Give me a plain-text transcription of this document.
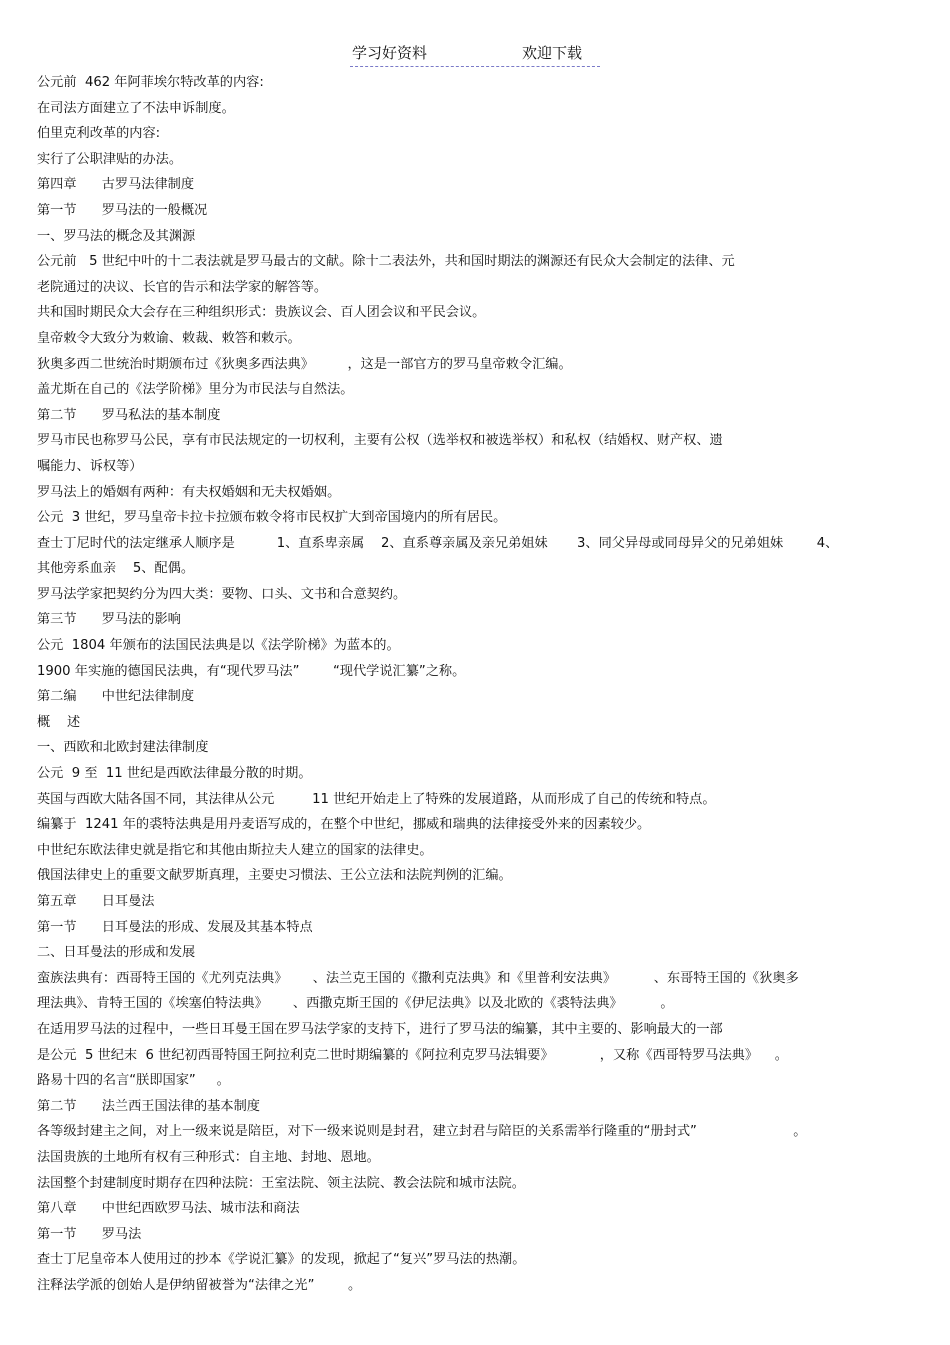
学习好资料	欢迎下载
公元前  462 年阿菲埃尔特改革的内容:
在司法方面建立了不法申诉制度。
伯里克利改革的内容:
实行了公职津贴的办法。
第四章      古罗马法律制度
第一节      罗马法的一般概况
一、罗马法的概念及其渊源
公元前   5 世纪中叶的十二表法就是罗马最古的文献。除十二表法外，共和国时期法的渊源还有民众大会制定的法律、元
老院通过的决议、长官的告示和法学家的解答等。
共和国时期民众大会存在三种组织形式：贵族议会、百人团会议和平民会议。
皇帝敕令大致分为敕谕、敕裁、敕答和敕示。
狄奥多西二世统治时期颁布过《狄奥多西法典》        ，这是一部官方的罗马皇帝敕令汇编。
盖尤斯在自己的《法学阶梯》里分为市民法与自然法。
第二节      罗马私法的基本制度
罗马市民也称罗马公民，享有市民法规定的一切权利，主要有公权（选举权和被选举权）和私权（结婚权、财产权、遗
嘱能力、诉权等）
罗马法上的婚姻有两种：有夫权婚姻和无夫权婚姻。
公元  3 世纪，罗马皇帝卡拉卡拉颁布敕令将市民权扩大到帝国境内的所有居民。
查士丁尼时代的法定继承人顺序是          1、直系卑亲属    2、直系尊亲属及亲兄弟姐妹       3、同父异母或同母异父的兄弟姐妹        4、
其他旁系血亲    5、配偶。
罗马法学家把契约分为四大类：要物、口头、文书和合意契约。
第三节      罗马法的影响
公元  1804 年颁布的法国民法典是以《法学阶梯》为蓝本的。
1900 年实施的德国民法典，有“现代罗马法”        “现代学说汇纂”之称。
第二编      中世纪法律制度
概    述
一、西欧和北欧封建法律制度
公元  9 至  11 世纪是西欧法律最分散的时期。
英国与西欧大陆各国不同，其法律从公元         11 世纪开始走上了特殊的发展道路，从而形成了自己的传统和特点。
编纂于  1241 年的裘特法典是用丹麦语写成的，在整个中世纪，挪威和瑞典的法律接受外来的因素较少。
中世纪东欧法律史就是指它和其他由斯拉夫人建立的国家的法律史。
俄国法律史上的重要文献罗斯真理，主要史习惯法、王公立法和法院判例的汇编。
第五章      日耳曼法
第一节      日耳曼法的形成、发展及其基本特点
二、日耳曼法的形成和发展
蛮族法典有：西哥特王国的《尤列克法典》      、法兰克王国的《撒利克法典》和《里普利安法典》         、东哥特王国的《狄奥多
理法典》、肯特王国的《埃塞伯特法典》      、西撒克斯王国的《伊尼法典》以及北欧的《裘特法典》         。
在适用罗马法的过程中，一些日耳曼王国在罗马法学家的支持下，进行了罗马法的编纂，其中主要的、影响最大的一部
是公元  5 世纪末  6 世纪初西哥特国王阿拉利克二世时期编纂的《阿拉利克罗马法辑要》           ，又称《西哥特罗马法典》    。
路易十四的名言“朕即国家”     。
第二节      法兰西王国法律的基本制度
各等级封建主之间，对上一级来说是陪臣，对下一级来说则是封君，建立封君与陪臣的关系需举行隆重的“册封式”                       。
法国贵族的土地所有权有三种形式：自主地、封地、恩地。
法国整个封建制度时期存在四种法院：王室法院、领主法院、教会法院和城市法院。
第八章      中世纪西欧罗马法、城市法和商法
第一节      罗马法
查士丁尼皇帝本人使用过的抄本《学说汇纂》的发现，掀起了“复兴”罗马法的热潮。
注释法学派的创始人是伊纳留被誉为“法律之光”        。
